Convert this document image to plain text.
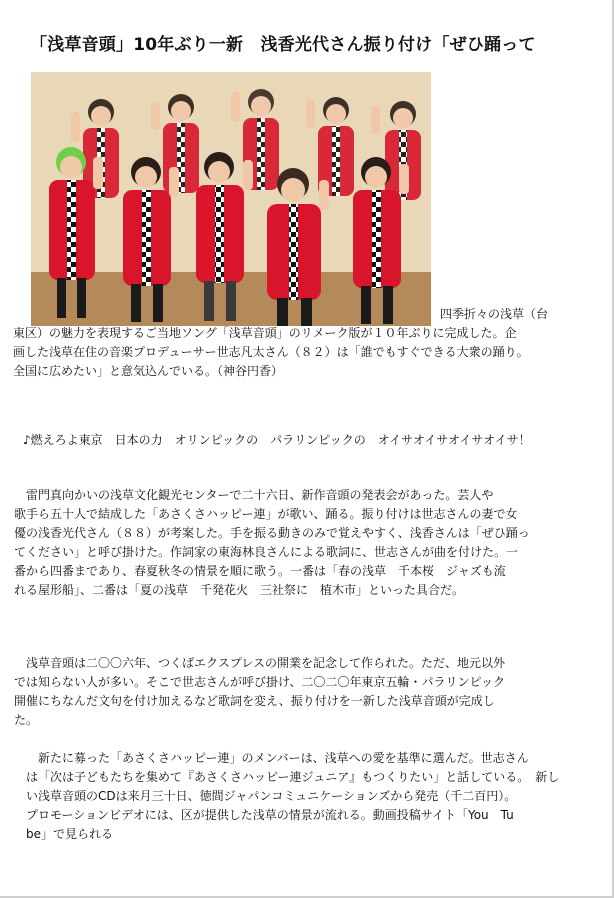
「浅草音頭」10年ぶり一新　浅香光代さん振り付け「ぜひ踊って
四季折々の浅草（台
東区）の魅力を表現するご当地ソング「浅草音頭」のリメーク版が１０年ぶりに完成した。企
画した浅草在住の音楽プロデューサー世志凡太さん（８２）は「誰でもすぐできる大衆の踊り。
全国に広めたい」と意気込んでいる。（神谷円香）
♪燃えろよ東京　日本の力　オリンピックの　パラリンピックの　オイサオイサオイサオイサ！
　雷門真向かいの浅草文化観光センターで二十六日、新作音頭の発表会があった。芸人や
歌手ら五十人で結成した「あさくさハッピー連」が歌い、踊る。振り付けは世志さんの妻で女
優の浅香光代さん（８８）が考案した。手を振る動きのみで覚えやすく、浅香さんは「ぜひ踊っ
てください」と呼び掛けた。作詞家の東海林良さんによる歌詞に、世志さんが曲を付けた。一
番から四番まであり、春夏秋冬の情景を順に歌う。一番は「春の浅草　千本桜　ジャズも流
れる屋形船」、二番は「夏の浅草　千発花火　三社祭に　植木市」といった具合だ。
　浅草音頭は二〇〇六年、つくばエクスプレスの開業を記念して作られた。ただ、地元以外
では知らない人が多い。そこで世志さんが呼び掛け、二〇二〇年東京五輪・パラリンピック
開催にちなんだ文句を付け加えるなど歌詞を変え、振り付けを一新した浅草音頭が完成し
た。
　　新たに募った「あさくさハッピー連」のメンバーは、浅草への愛を基準に選んだ。世志さん
　は「次は子どもたちを集めて『あさくさハッピー連ジュニア』もつくりたい」と話している。　新し
　い浅草音頭のCDは来月三十日、徳間ジャパンコミュニケーションズから発売（千二百円）。
　プロモーションビデオには、区が提供した浅草の情景が流れる。動画投稿サイト「You　Tu
　be」で見られる
